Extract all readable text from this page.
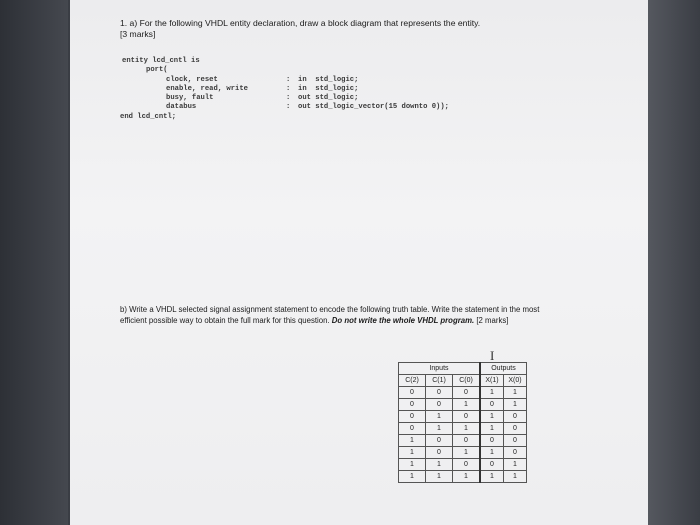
1. a) For the following VHDL entity declaration, draw a block diagram that represents the entity.
[3 marks]
entity lcd_cntl is
port(
clock, reset	: in  std_logic;
enable, read, write	: in  std_logic;
busy, fault	: out std_logic;
databus	: out std_logic_vector(15 downto 0));
end lcd_cntl;
b) Write a VHDL selected signal assignment statement to encode the following truth table. Write the statement in the most efficient possible way to obtain the full mark for this question. Do not write the whole VHDL program. [2 marks]
I
Inputs			Outputs	
C(2)	C(1)	C(0)	X(1)	X(0)
0	0	0	1	1
0	0	1	0	1
0	1	0	1	0
0	1	1	1	0
1	0	0	0	0
1	0	1	1	0
1	1	0	0	1
1	1	1	1	1
